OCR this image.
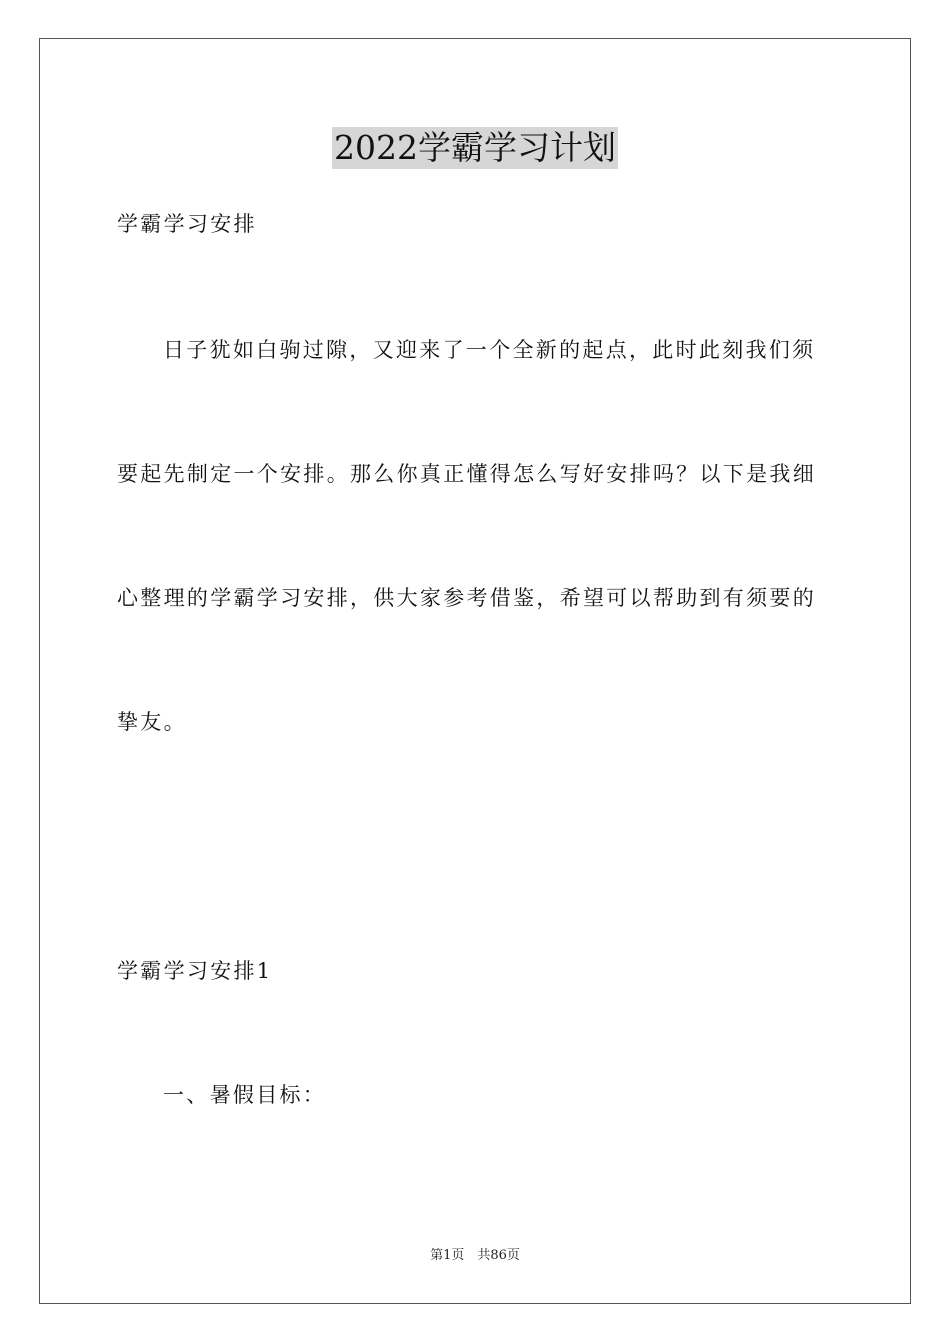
2022学霸学习计划
学霸学习安排
日子犹如白驹过隙，又迎来了一个全新的起点，此时此刻我们须
要起先制定一个安排。那么你真正懂得怎么写好安排吗？以下是我细
心整理的学霸学习安排，供大家参考借鉴，希望可以帮助到有须要的
挚友。
学霸学习安排1
一、暑假目标：
第1页　共86页
